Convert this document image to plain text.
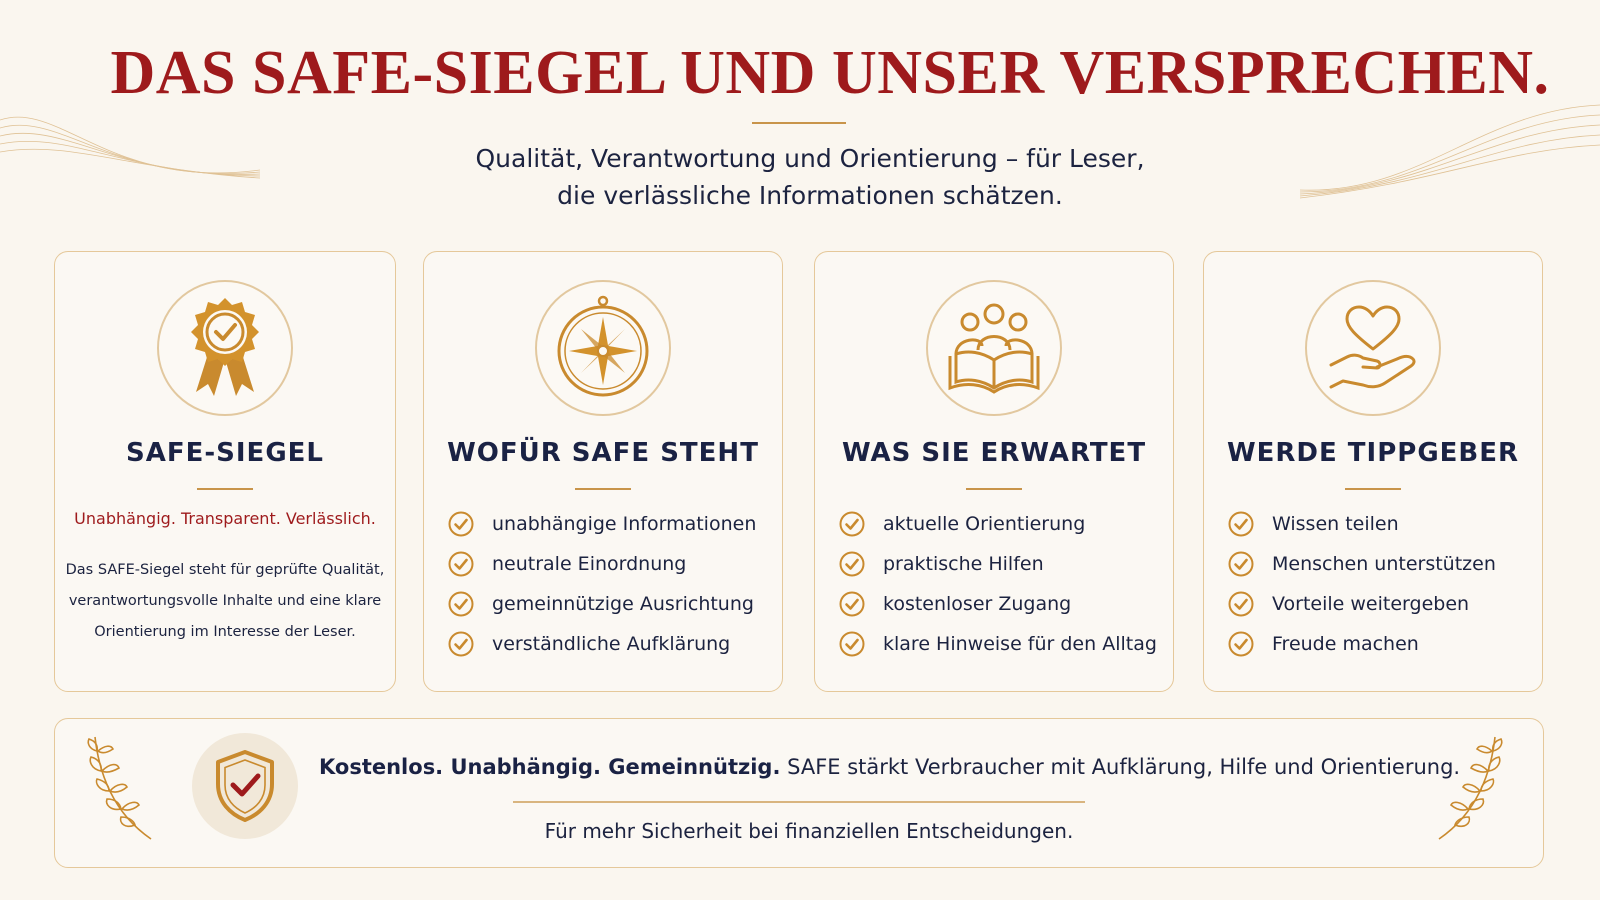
DAS SAFE-SIEGEL UND UNSER VERSPRECHEN.
Qualität, Verantwortung und Orientierung – für Leser,
die verlässliche Informationen schätzen.
SAFE-SIEGEL
Unabhängig. Transparent. Verlässlich.
Das SAFE-Siegel steht für geprüfte Qualität,
verantwortungsvolle Inhalte und eine klare
Orientierung im Interesse der Leser.
WOFÜR SAFE STEHT
unabhängige Informationen
neutrale Einordnung
gemeinnützige Ausrichtung
verständliche Aufklärung
WAS SIE ERWARTET
aktuelle Orientierung
praktische Hilfen
kostenloser Zugang
klare Hinweise für den Alltag
WERDE TIPPGEBER
Wissen teilen
Menschen unterstützen
Vorteile weitergeben
Freude machen
Kostenlos. Unabhängig. Gemeinnützig. SAFE stärkt Verbraucher mit Aufklärung, Hilfe und Orientierung.
Für mehr Sicherheit bei finanziellen Entscheidungen.
